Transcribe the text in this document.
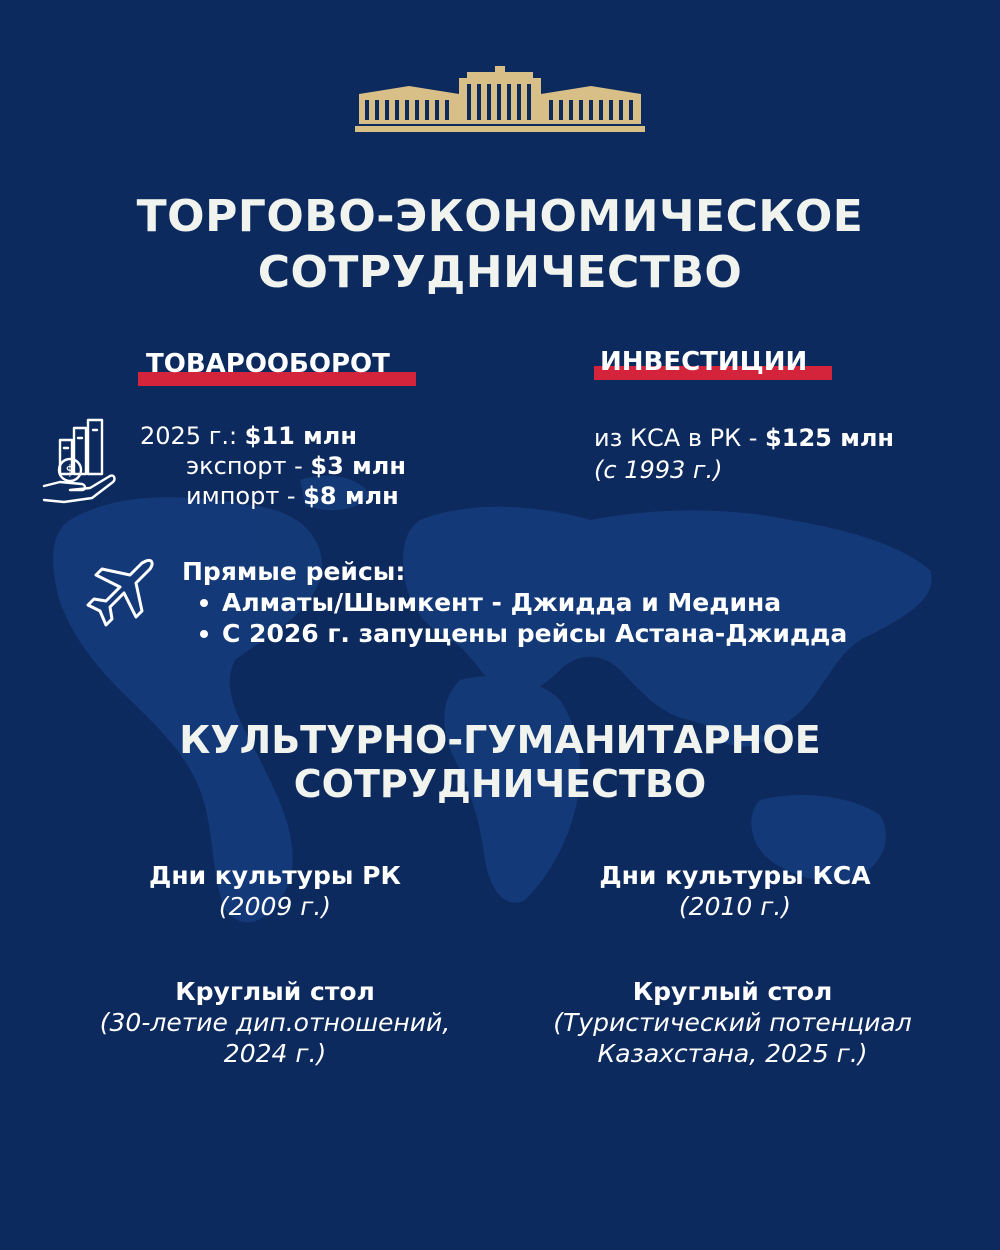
ТОРГОВО-ЭКОНОМИЧЕСКОЕ
СОТРУДНИЧЕСТВО
ТОВАРООБОРОТ	ИНВЕСТИЦИИ
$
2025 г.: $11 млн
экспорт - $3 млн
импорт - $8 млн
из КСА в РК - $125 млн
(с 1993 г.)
Прямые рейсы:
Алматы/Шымкент - Джидда и Медина
С 2026 г. запущены рейсы Астана-Джидда
КУЛЬТУРНО-ГУМАНИТАРНОЕ
СОТРУДНИЧЕСТВО
Дни культуры РК
(2009 г.)
Дни культуры КСА
(2010 г.)
Круглый стол
(30-летие дип.отношений,
2024 г.)
Круглый стол
(Туристический потенциал
Казахстана, 2025 г.)
